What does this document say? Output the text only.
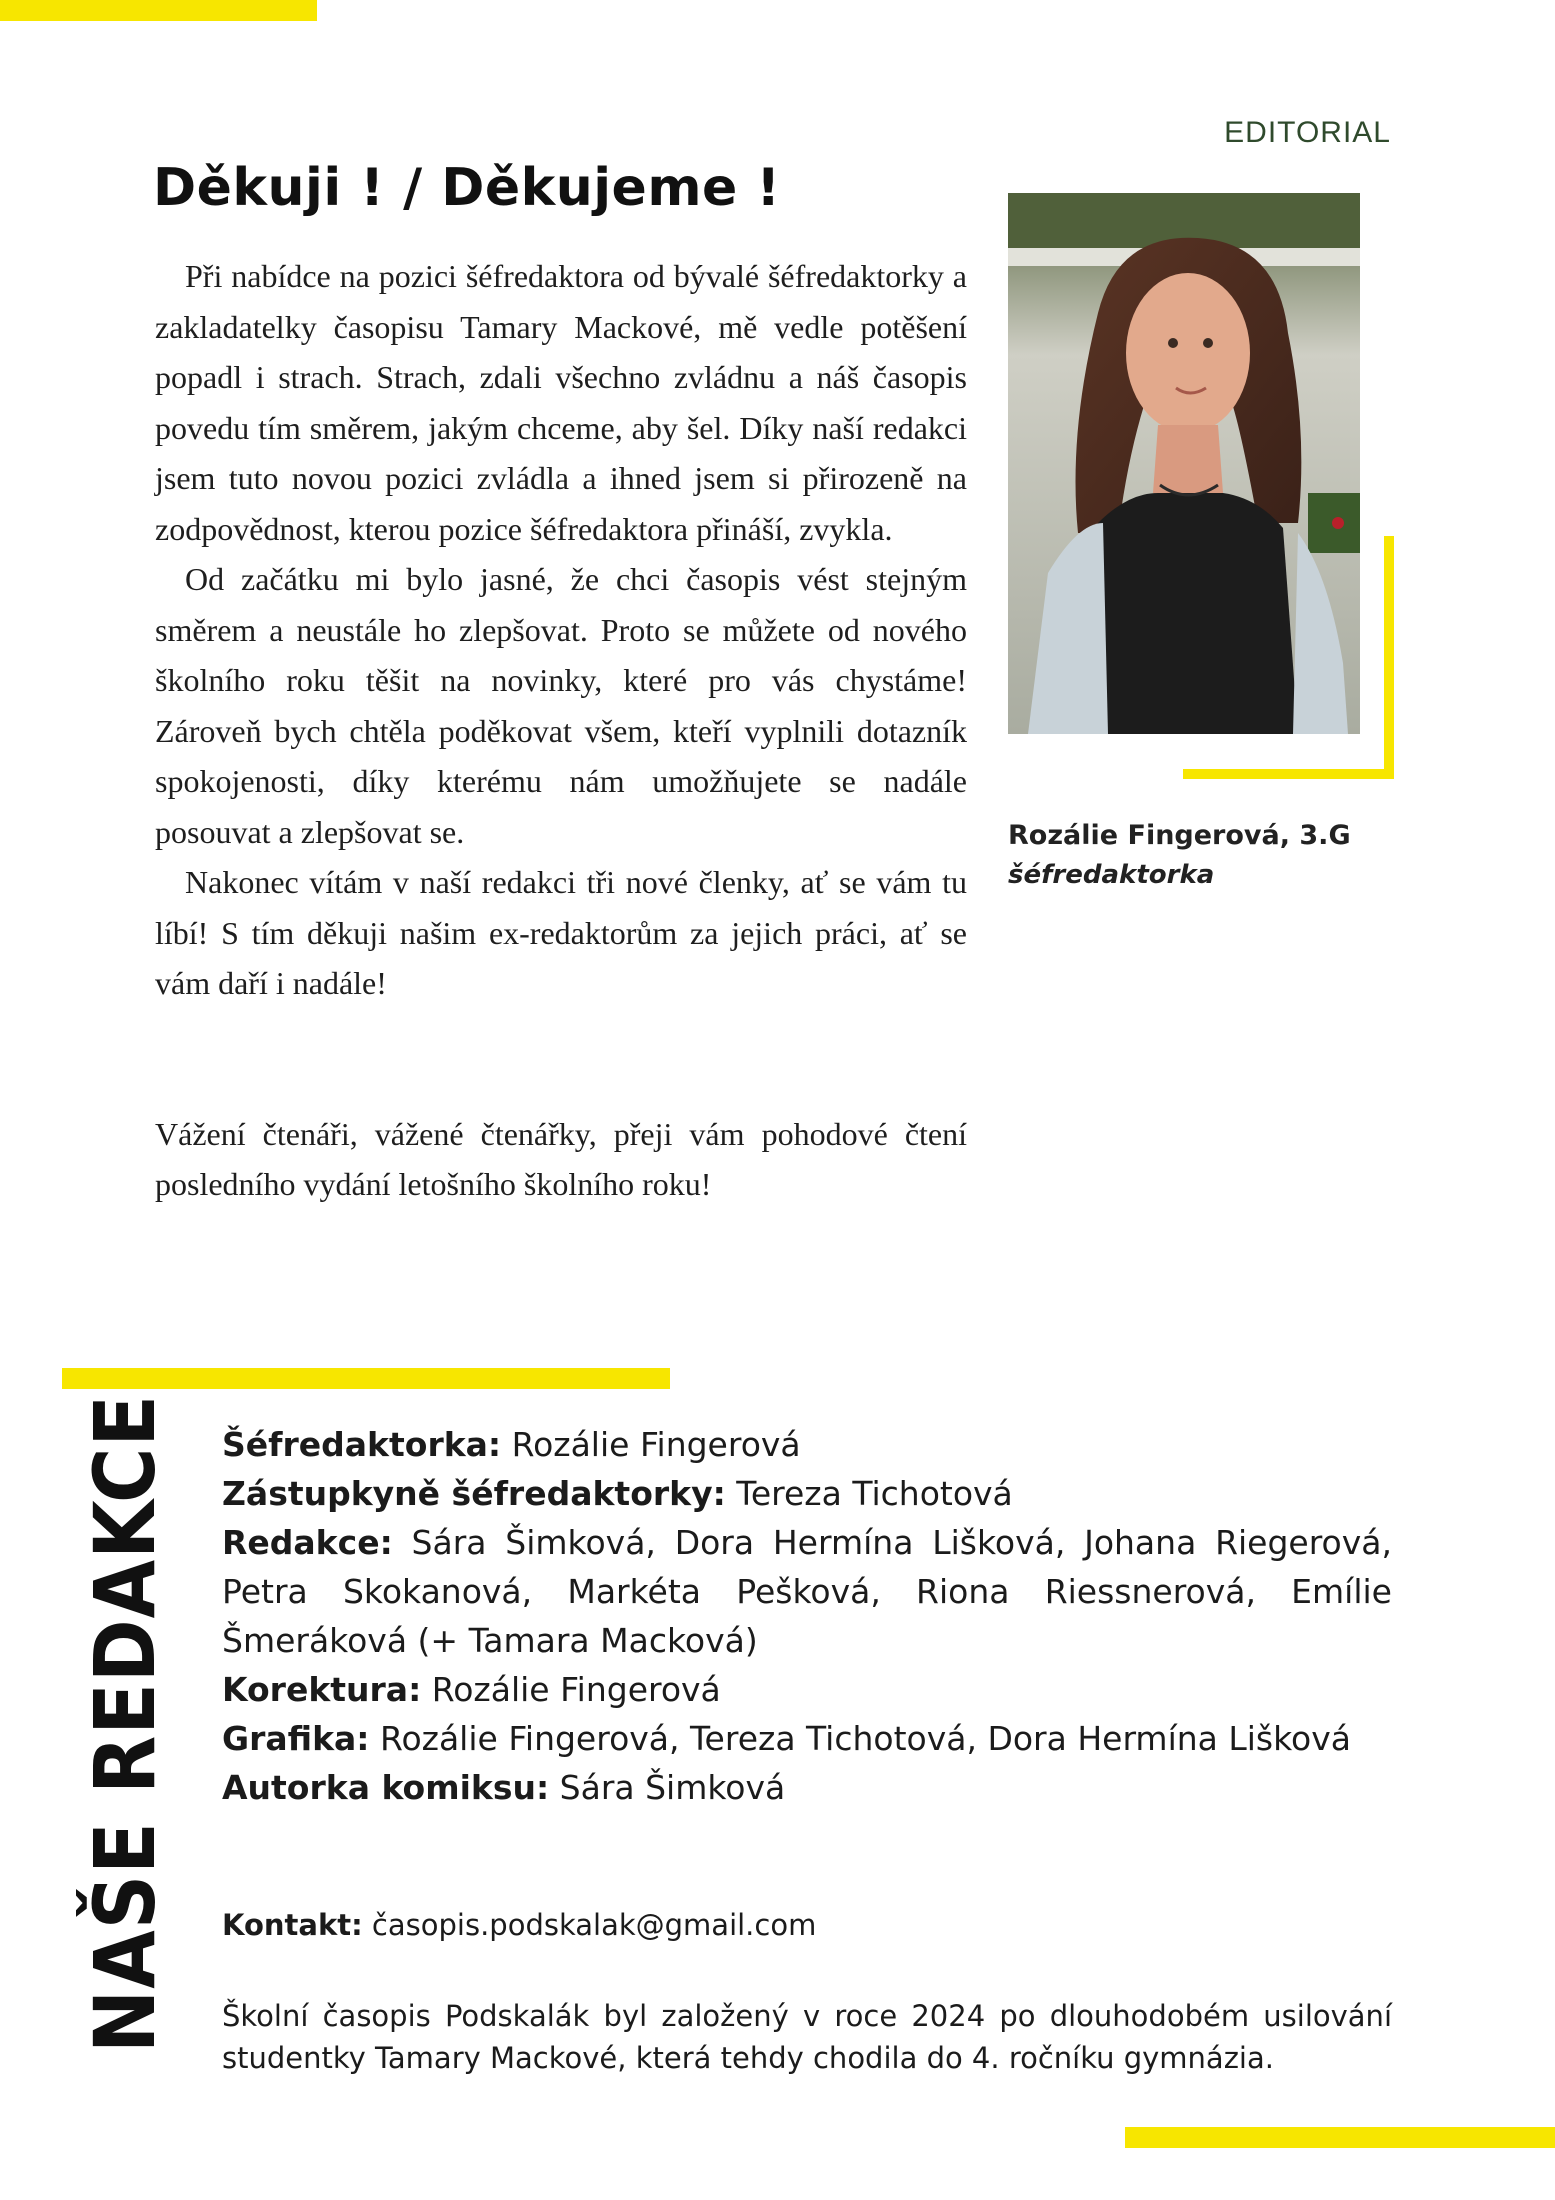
EDITORIAL
Děkuji ! / Děkujeme !

Při nabídce na pozici šéfredaktora od bývalé šéfredaktorky a zakladatelky časopisu Tamary Mackové, mě vedle potěšení popadl i strach. Strach, zdali všechno zvládnu a náš časopis povedu tím směrem, jakým chceme, aby šel. Díky naší redakci jsem tuto novou pozici zvládla a ihned jsem si přirozeně na zodpovědnost, kterou pozice šéfredaktora přináší, zvykla.

Od začátku mi bylo jasné, že chci časopis vést stejným směrem a neustále ho zlepšovat. Proto se můžete od nového školního roku těšit na novinky, které pro vás chystáme! Zároveň bych chtěla poděkovat všem, kteří vyplnili dotazník spokojenosti, díky kterému nám umožňujete se nadále posouvat a zlepšovat se.

Nakonec vítám v naší redakci tři nové členky, ať se vám tu líbí! S tím děkuji našim ex-redaktorům za jejich práci, ať se vám daří i nadále!

Vážení čtenáři, vážené čtenářky, přeji vám pohodové čtení posledního vydání letošního školního roku!

Rozálie Fingerová, 3.G
šéfredaktorka
NAŠE REDAKCE Šéfredaktorka: Rozálie Fingerová
Zástupkyně šéfredaktorky: Tereza Tichotová
Redakce: Sára Šimková, Dora Hermína Lišková, Johana Riegerová, Petra Skokanová, Markéta Pešková, Riona Riessnerová, Emílie Šmeráková (+ Tamara Macková)
Korektura: Rozálie Fingerová
Grafika: Rozálie Fingerová, Tereza Tichotová, Dora Hermína Lišková
Autorka komiksu: Sára Šimková
Kontakt: časopis.podskalak@gmail.com
Školní časopis Podskalák byl založený v roce 2024 po dlouhodobém usilování studentky Tamary Mackové, která tehdy chodila do 4. ročníku gymnázia.
